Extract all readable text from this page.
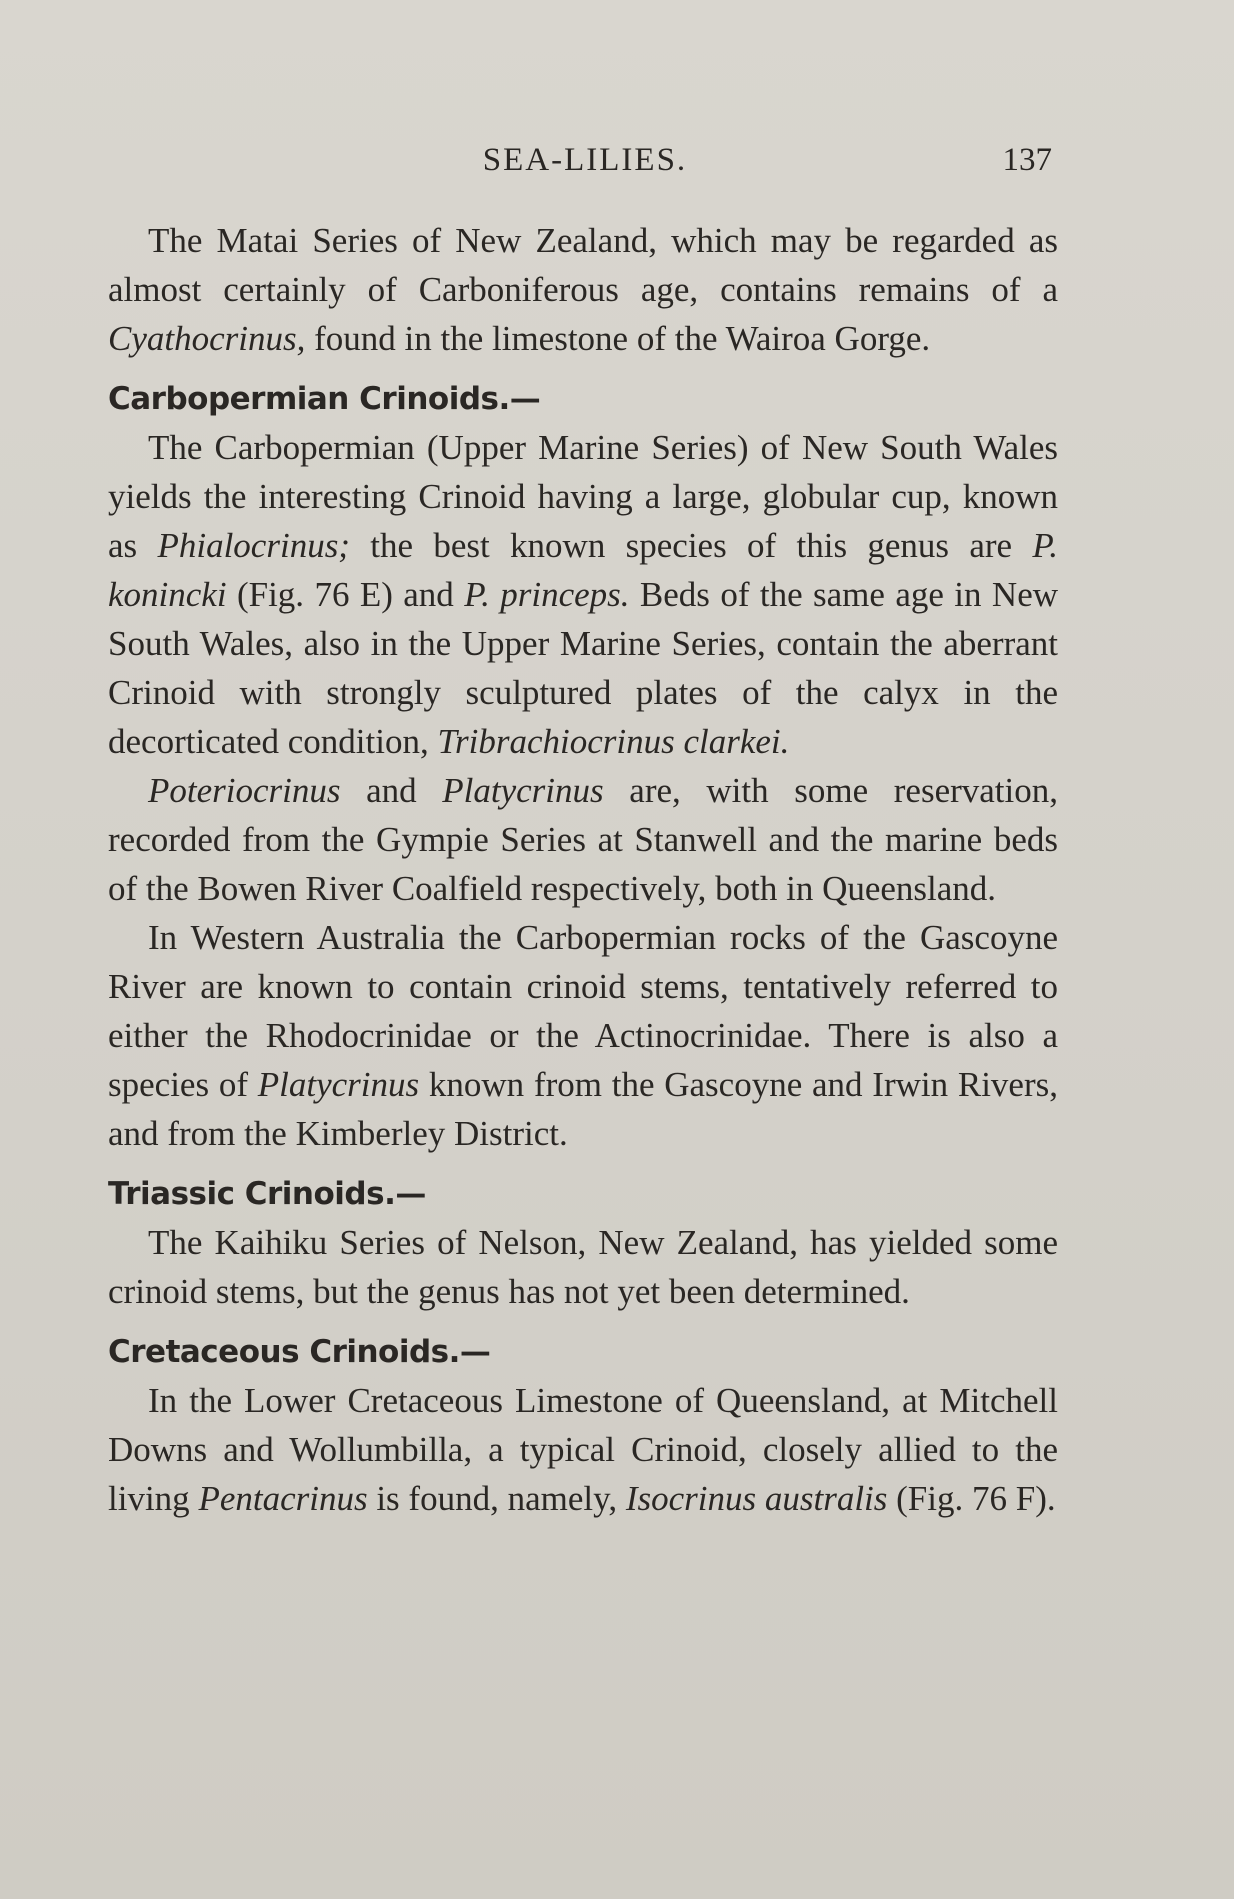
SEA-LILIES.	137

The Matai Series of New Zealand, which may be regarded as almost certainly of Carboniferous age, contains remains of a Cyathocrinus, found in the limestone of the Wairoa Gorge.

Carbopermian Crinoids.—

The Carbopermian (Upper Marine Series) of New South Wales yields the interesting Crinoid having a large, globular cup, known as Phialocrinus; the best known species of this genus are P. konincki (Fig. 76 E) and P. princeps. Beds of the same age in New South Wales, also in the Upper Marine Series, contain the aberrant Crinoid with strongly sculptured plates of the calyx in the decorticated condition, Tribrachiocrinus clarkei.

Poteriocrinus and Platycrinus are, with some reservation, recorded from the Gympie Series at Stanwell and the marine beds of the Bowen River Coalfield respectively, both in Queensland.

In Western Australia the Carbopermian rocks of the Gascoyne River are known to contain crinoid stems, tentatively referred to either the Rhodocrinidae or the Actinocrinidae. There is also a species of Platycrinus known from the Gascoyne and Irwin Rivers, and from the Kimberley District.

Triassic Crinoids.—

The Kaihiku Series of Nelson, New Zealand, has yielded some crinoid stems, but the genus has not yet been determined.

Cretaceous Crinoids.—

In the Lower Cretaceous Limestone of Queensland, at Mitchell Downs and Wollumbilla, a typical Crinoid, closely allied to the living Pentacrinus is found, namely, Isocrinus australis (Fig. 76 F).
